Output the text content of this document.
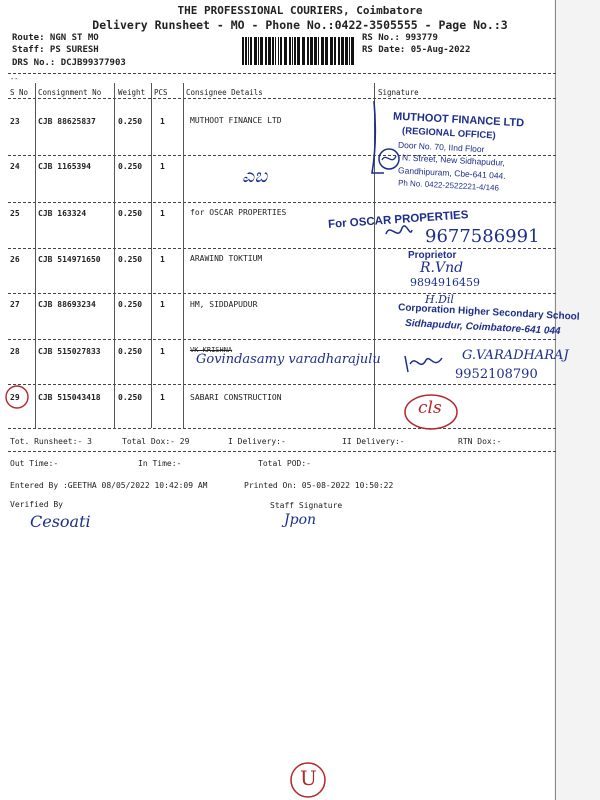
THE PROFESSIONAL COURIERS, Coimbatore
Delivery Runsheet - MO - Phone No.:0422-3505555 - Page No.:3
Route: NGN ST MO
Staff: PS SURESH
DRS No.: DCJB99377903
RS No.: 993779
RS Date: 05-Aug-2022
--
S No Consignment No Weight PCS Consignee Details	Signature
23 CJB 88625837	0.250 1	MUTHOOT FINANCE LTD
24 CJB 1165394	0.250 1
25 CJB 163324	0.250 1	for OSCAR PROPERTIES
26 CJB 514971650 0.250 1	ARAWIND TOKTIUM
27 CJB 88693234	0.250 1	HM, SIDDAPUDUR
28 CJB 515027833 0.250 1	VK KRISHNA
29 CJB 515043418 0.250 1	SABARI CONSTRUCTION
MUTHOOT FINANCE LTD
(REGIONAL OFFICE)
Door No. 70, IInd Floor
N. Street, New Sidhapudur,
Gandhipuram, Cbe-641 044.
Ph No. 0422-2522221-4/146
ಎಬ
For OSCAR PROPERTIES
9677586991
Proprietor
R.Vnd
9894916459
H.Dil
Corporation Higher Secondary School
Sidhapudur, Coimbatore-641 044
Govindasamy varadharajulu	G.VARADHARAJ
9952108790
cls
Tot. Runsheet:- 3	Total Dox:- 29	I Delivery:-	II Delivery:-	RTN Dox:-
Out Time:-	In Time:-	Total POD:-
Entered By :GEETHA 08/05/2022 10:42:09 AM	Printed On: 05-08-2022 10:50:22
Verified By	Staff Signature
Cesoati	Jpon
U
